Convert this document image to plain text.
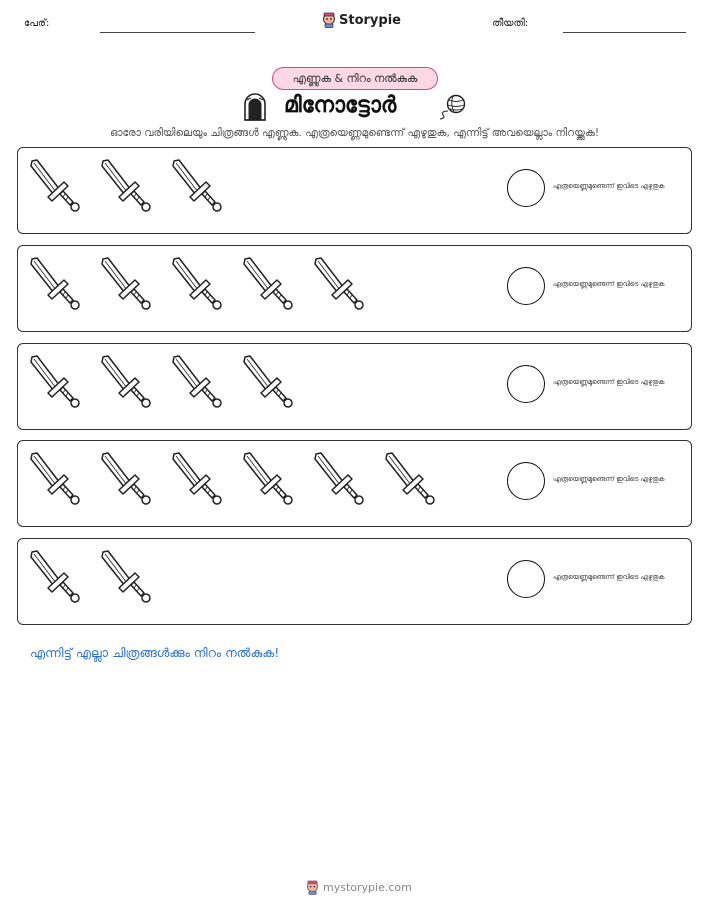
പേര്:	Storypie	തീയതി:
എണ്ണുക & നിറം നൽകുക
മിനോട്ടോർ
ഓരോ വരിയിലെയും ചിത്രങ്ങൾ എണ്ണുക. എത്രയെണ്ണമുണ്ടെന്ന് എഴുതുക, എന്നിട്ട് അവയെല്ലാം നിറയ്ക്കുക!
എത്രയെണ്ണമുണ്ടെന്ന് ഇവിടെ എഴുതുക
എത്രയെണ്ണമുണ്ടെന്ന് ഇവിടെ എഴുതുക
എത്രയെണ്ണമുണ്ടെന്ന് ഇവിടെ എഴുതുക
എത്രയെണ്ണമുണ്ടെന്ന് ഇവിടെ എഴുതുക
എത്രയെണ്ണമുണ്ടെന്ന് ഇവിടെ എഴുതുക
എന്നിട്ട് എല്ലാ ചിത്രങ്ങൾക്കും നിറം നൽകുക!
mystorypie.com
